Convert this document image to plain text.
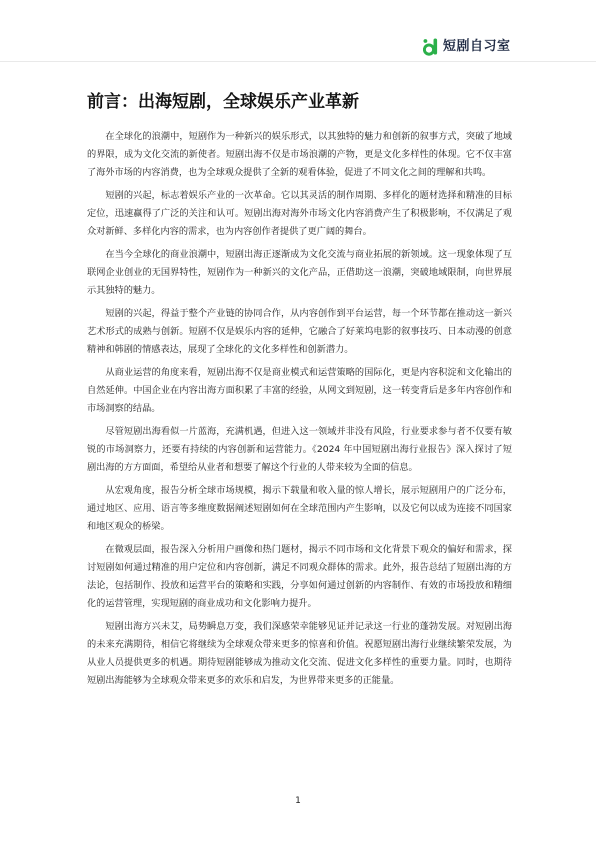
短剧自习室
前言：出海短剧，全球娱乐产业革新

在全球化的浪潮中，短剧作为一种新兴的娱乐形式，以其独特的魅力和创新的叙事方式，突破了地域的界限，成为文化交流的新使者。短剧出海不仅是市场浪潮的产物，更是文化多样性的体现。它不仅丰富了海外市场的内容消费，也为全球观众提供了全新的观看体验，促进了不同文化之间的理解和共鸣。

短剧的兴起，标志着娱乐产业的一次革命。它以其灵活的制作周期、多样化的题材选择和精准的目标定位，迅速赢得了广泛的关注和认可。短剧出海对海外市场文化内容消费产生了积极影响，不仅满足了观众对新鲜、多样化内容的需求，也为内容创作者提供了更广阔的舞台。

在当今全球化的商业浪潮中，短剧出海正逐渐成为文化交流与商业拓展的新领域。这一现象体现了互联网企业创业的无国界特性，短剧作为一种新兴的文化产品，正借助这一浪潮，突破地域限制，向世界展示其独特的魅力。

短剧的兴起，得益于整个产业链的协同合作，从内容创作到平台运营，每一个环节都在推动这一新兴艺术形式的成熟与创新。短剧不仅是娱乐内容的延伸，它融合了好莱坞电影的叙事技巧、日本动漫的创意精神和韩剧的情感表达，展现了全球化的文化多样性和创新潜力。

从商业运营的角度来看，短剧出海不仅是商业模式和运营策略的国际化，更是内容积淀和文化输出的自然延伸。中国企业在内容出海方面积累了丰富的经验，从网文到短剧，这一转变背后是多年内容创作和市场洞察的结晶。

尽管短剧出海看似一片蓝海，充满机遇，但进入这一领域并非没有风险，行业要求参与者不仅要有敏锐的市场洞察力，还要有持续的内容创新和运营能力。《2024 年中国短剧出海行业报告》深入探讨了短剧出海的方方面面，希望给从业者和想要了解这个行业的人带来较为全面的信息。

从宏观角度，报告分析全球市场规模，揭示下载量和收入量的惊人增长，展示短剧用户的广泛分布，通过地区、应用、语言等多维度数据阐述短剧如何在全球范围内产生影响，以及它何以成为连接不同国家和地区观众的桥梁。

在微观层面，报告深入分析用户画像和热门题材，揭示不同市场和文化背景下观众的偏好和需求，探讨短剧如何通过精准的用户定位和内容创新，满足不同观众群体的需求。此外，报告总结了短剧出海的方法论，包括制作、投放和运营平台的策略和实践，分享如何通过创新的内容制作、有效的市场投放和精细化的运营管理，实现短剧的商业成功和文化影响力提升。

短剧出海方兴未艾，局势瞬息万变，我们深感荣幸能够见证并记录这一行业的蓬勃发展。对短剧出海的未来充满期待，相信它将继续为全球观众带来更多的惊喜和价值。祝愿短剧出海行业继续繁荣发展，为从业人员提供更多的机遇。期待短剧能够成为推动文化交流、促进文化多样性的重要力量。同时，也期待短剧出海能够为全球观众带来更多的欢乐和启发，为世界带来更多的正能量。

1
